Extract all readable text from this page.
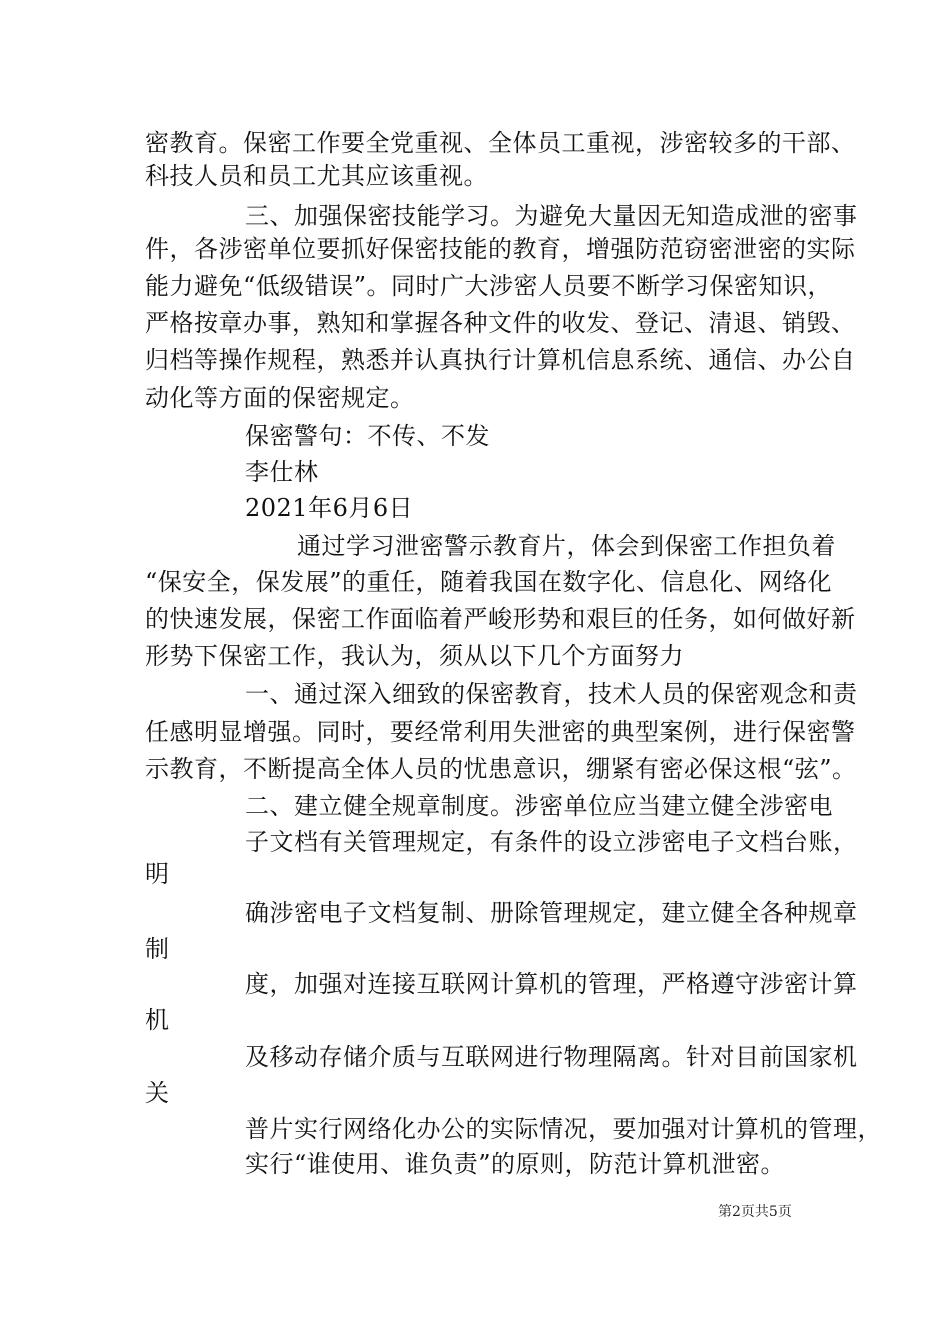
密教育。保密工作要全党重视、全体员工重视，涉密较多的干部、
科技人员和员工尤其应该重视。
三、加强保密技能学习。为避免大量因无知造成泄的密事
件，各涉密单位要抓好保密技能的教育，增强防范窃密泄密的实际
能力避免“低级错误”。同时广大涉密人员要不断学习保密知识，
严格按章办事，熟知和掌握各种文件的收发、登记、清退、销毁、
归档等操作规程，熟悉并认真执行计算机信息系统、通信、办公自
动化等方面的保密规定。
保密警句：不传、不发
李仕林
2021年6月6日
通过学习泄密警示教育片，体会到保密工作担负着
“保安全，保发展”的重任，随着我国在数字化、信息化、网络化
的快速发展，保密工作面临着严峻形势和艰巨的任务，如何做好新
形势下保密工作，我认为，须从以下几个方面努力
一、通过深入细致的保密教育，技术人员的保密观念和责
任感明显增强。同时，要经常利用失泄密的典型案例，进行保密警
示教育，不断提高全体人员的忧患意识，绷紧有密必保这根“弦”。
二、建立健全规章制度。涉密单位应当建立健全涉密电
子文档有关管理规定，有条件的设立涉密电子文档台账，
明
确涉密电子文档复制、册除管理规定，建立健全各种规章
制
度，加强对连接互联网计算机的管理，严格遵守涉密计算
机
及移动存储介质与互联网进行物理隔离。针对目前国家机
关
普片实行网络化办公的实际情况，要加强对计算机的管理，
实行“谁使用、谁负责”的原则，防范计算机泄密。
第2页共5页
